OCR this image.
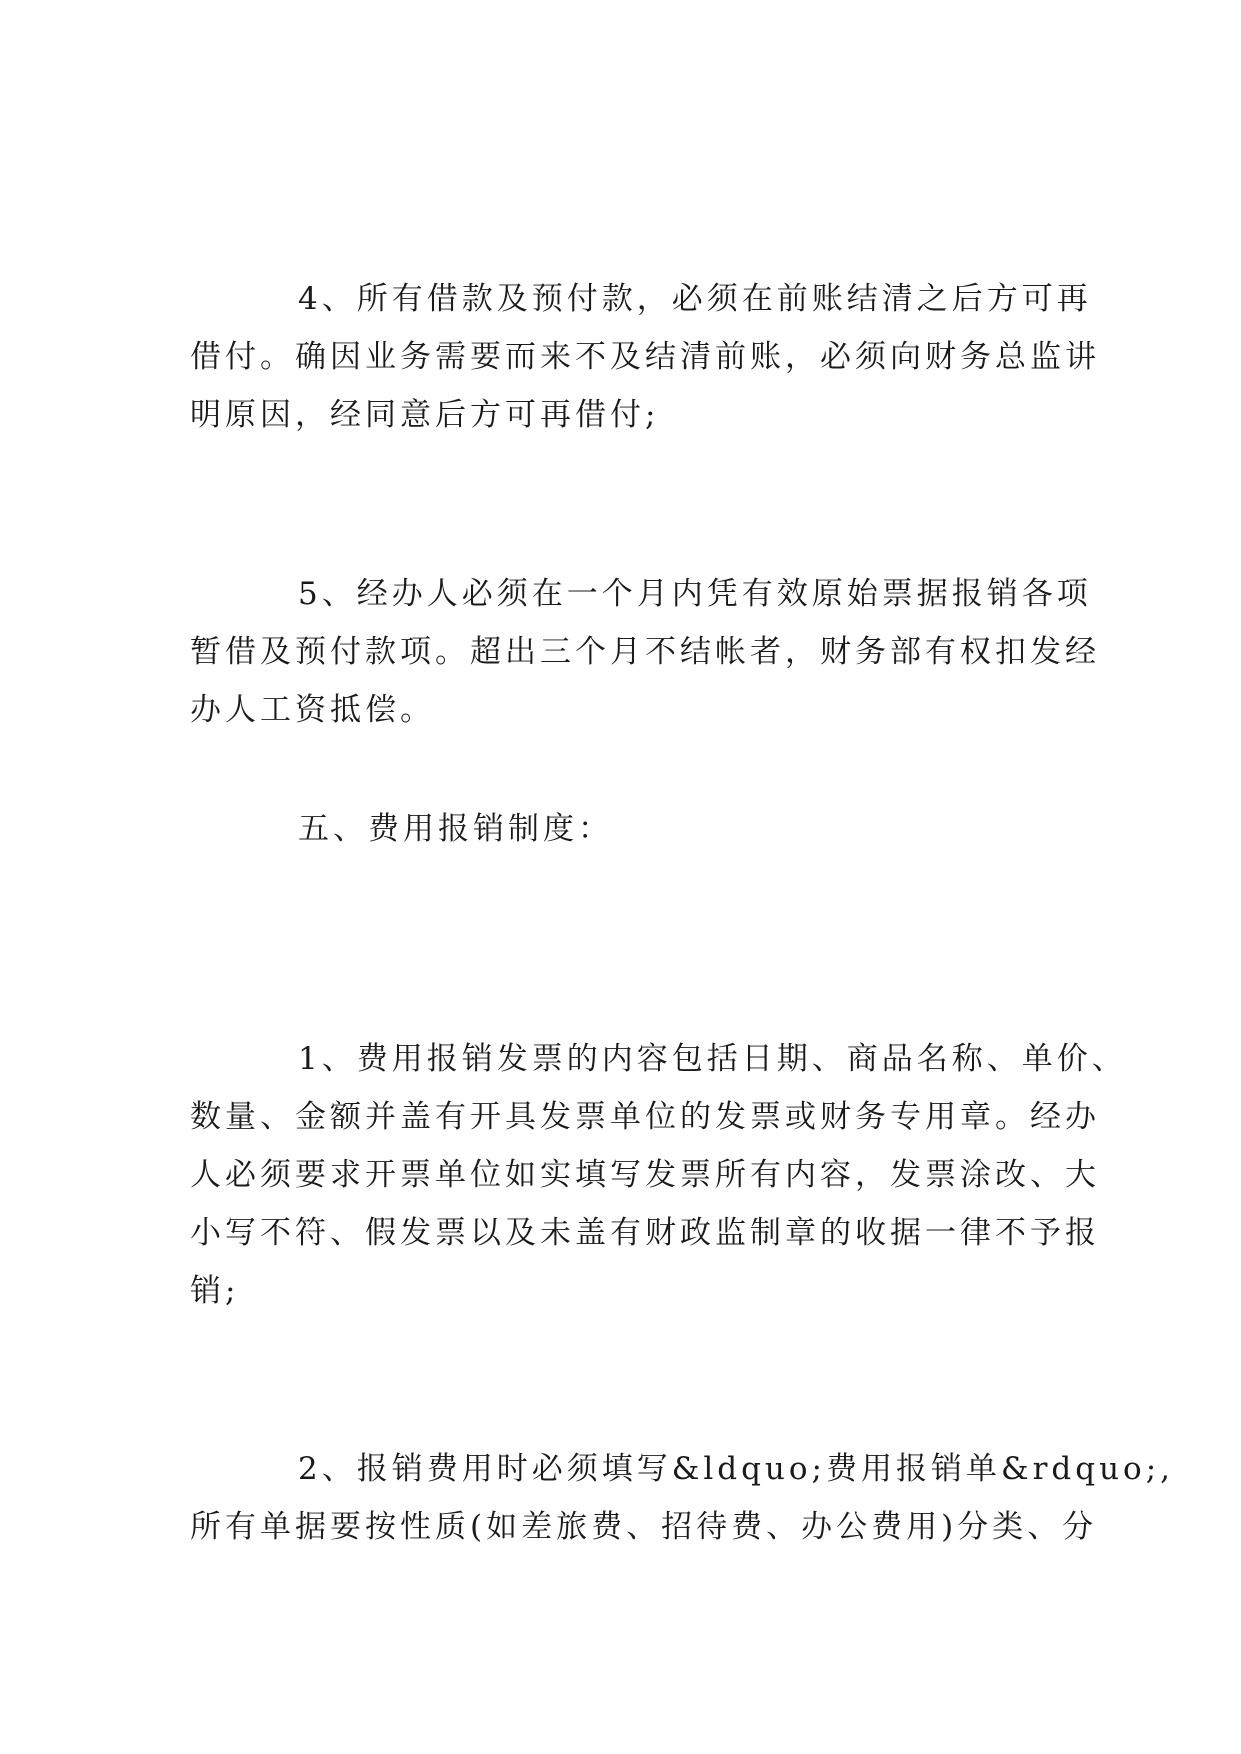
4、所有借款及预付款，必须在前账结清之后方可再
借付。确因业务需要而来不及结清前账，必须向财务总监讲
明原因，经同意后方可再借付;
5、经办人必须在一个月内凭有效原始票据报销各项
暂借及预付款项。超出三个月不结帐者，财务部有权扣发经
办人工资抵偿。
五、费用报销制度：
1、费用报销发票的内容包括日期、商品名称、单价、
数量、金额并盖有开具发票单位的发票或财务专用章。经办
人必须要求开票单位如实填写发票所有内容，发票涂改、大
小写不符、假发票以及未盖有财政监制章的收据一律不予报
销;
2、报销费用时必须填写&ldquo;费用报销单&rdquo;,
所有单据要按性质(如差旅费、招待费、办公费用)分类、分
